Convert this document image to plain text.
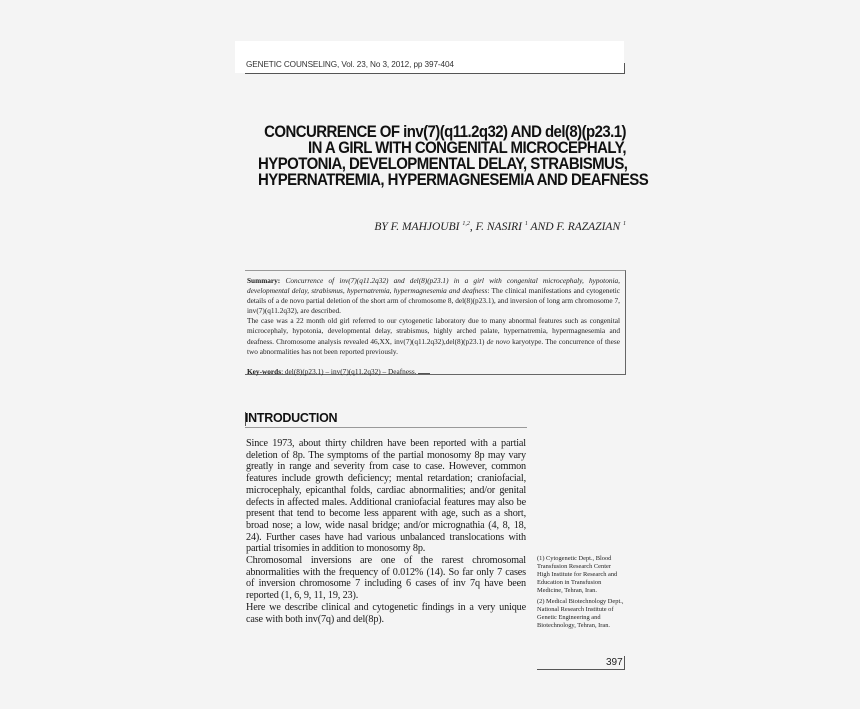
GENETIC COUNSELING, Vol. 23, No 3, 2012, pp 397-404
CONCURRENCE OF inv(7)(q11.2q32) AND del(8)(p23.1)
IN A GIRL WITH CONGENITAL MICROCEPHALY,
HYPOTONIA, DEVELOPMENTAL DELAY, STRABISMUS,
HYPERNATREMIA, HYPERMAGNESEMIA AND DEAFNESS
BY F. MAHJOUBI $^{1,2}$, F. NASIRI $^1$ AND F. RAZAZIAN $^1$

Summary: Concurrence of inv(7)(q11.2q32) and del(8)(p23.1) in a girl with congenital microcephaly, hypotonia, developmental delay, strabismus, hypernatremia, hypermagnesemia and deafness: The clinical manifestations and cytogenetic details of a de novo partial deletion of the short arm of chromosome 8, del(8)(p23.1), and inversion of long arm chromosome 7, inv(7)(q11.2q32), are described.

The case was a 22 month old girl referred to our cytogenetic laboratory due to many abnormal features such as congenital microcephaly, hypotonia, developmental delay, strabismus, highly arched palate, hypernatremia, hypermagnesemia and deafness. Chromosome analysis revealed 46,XX, inv(7)(q11.2q32),del(8)(p23.1) de novo karyotype. The concurrence of these two abnormalities has not been reported previously.

Key-words: del(8)(p23.1) – inv(7)(q11.2q32) – Deafness.

INTRODUCTION

Since 1973, about thirty children have been reported with a partial deletion of 8p. The symptoms of the partial monosomy 8p may vary greatly in range and severity from case to case. However, common features include growth deficiency; mental retardation; craniofacial, microcephaly, epicanthal folds, cardiac abnormalities; and/or genital defects in affected males. Additional craniofacial features may also be present that tend to become less apparent with age, such as a short, broad nose; a low, wide nasal bridge; and/or micrognathia (4, 8, 18, 24). Further cases have had various unbalanced translocations with partial trisomies in addition to monosomy 8p.

Chromosomal inversions are one of the rarest chromosomal abnormalities with the frequency of 0.012% (14). So far only 7 cases of inversion chromosome 7 including 6 cases of inv 7q have been reported (1, 6, 9, 11, 19, 23).

Here we describe clinical and cytogenetic findings in a very unique case with both inv(7q) and del(8p).

(1) Cytogenetic Dept., Blood Transfusion Research Center High Institute for Research and Education in Transfusion Medicine, Tehran, Iran.

(2) Medical Biotechnology Dept., National Research Institute of Genetic Engineering and Biotechnology, Tehran, Iran.

397
